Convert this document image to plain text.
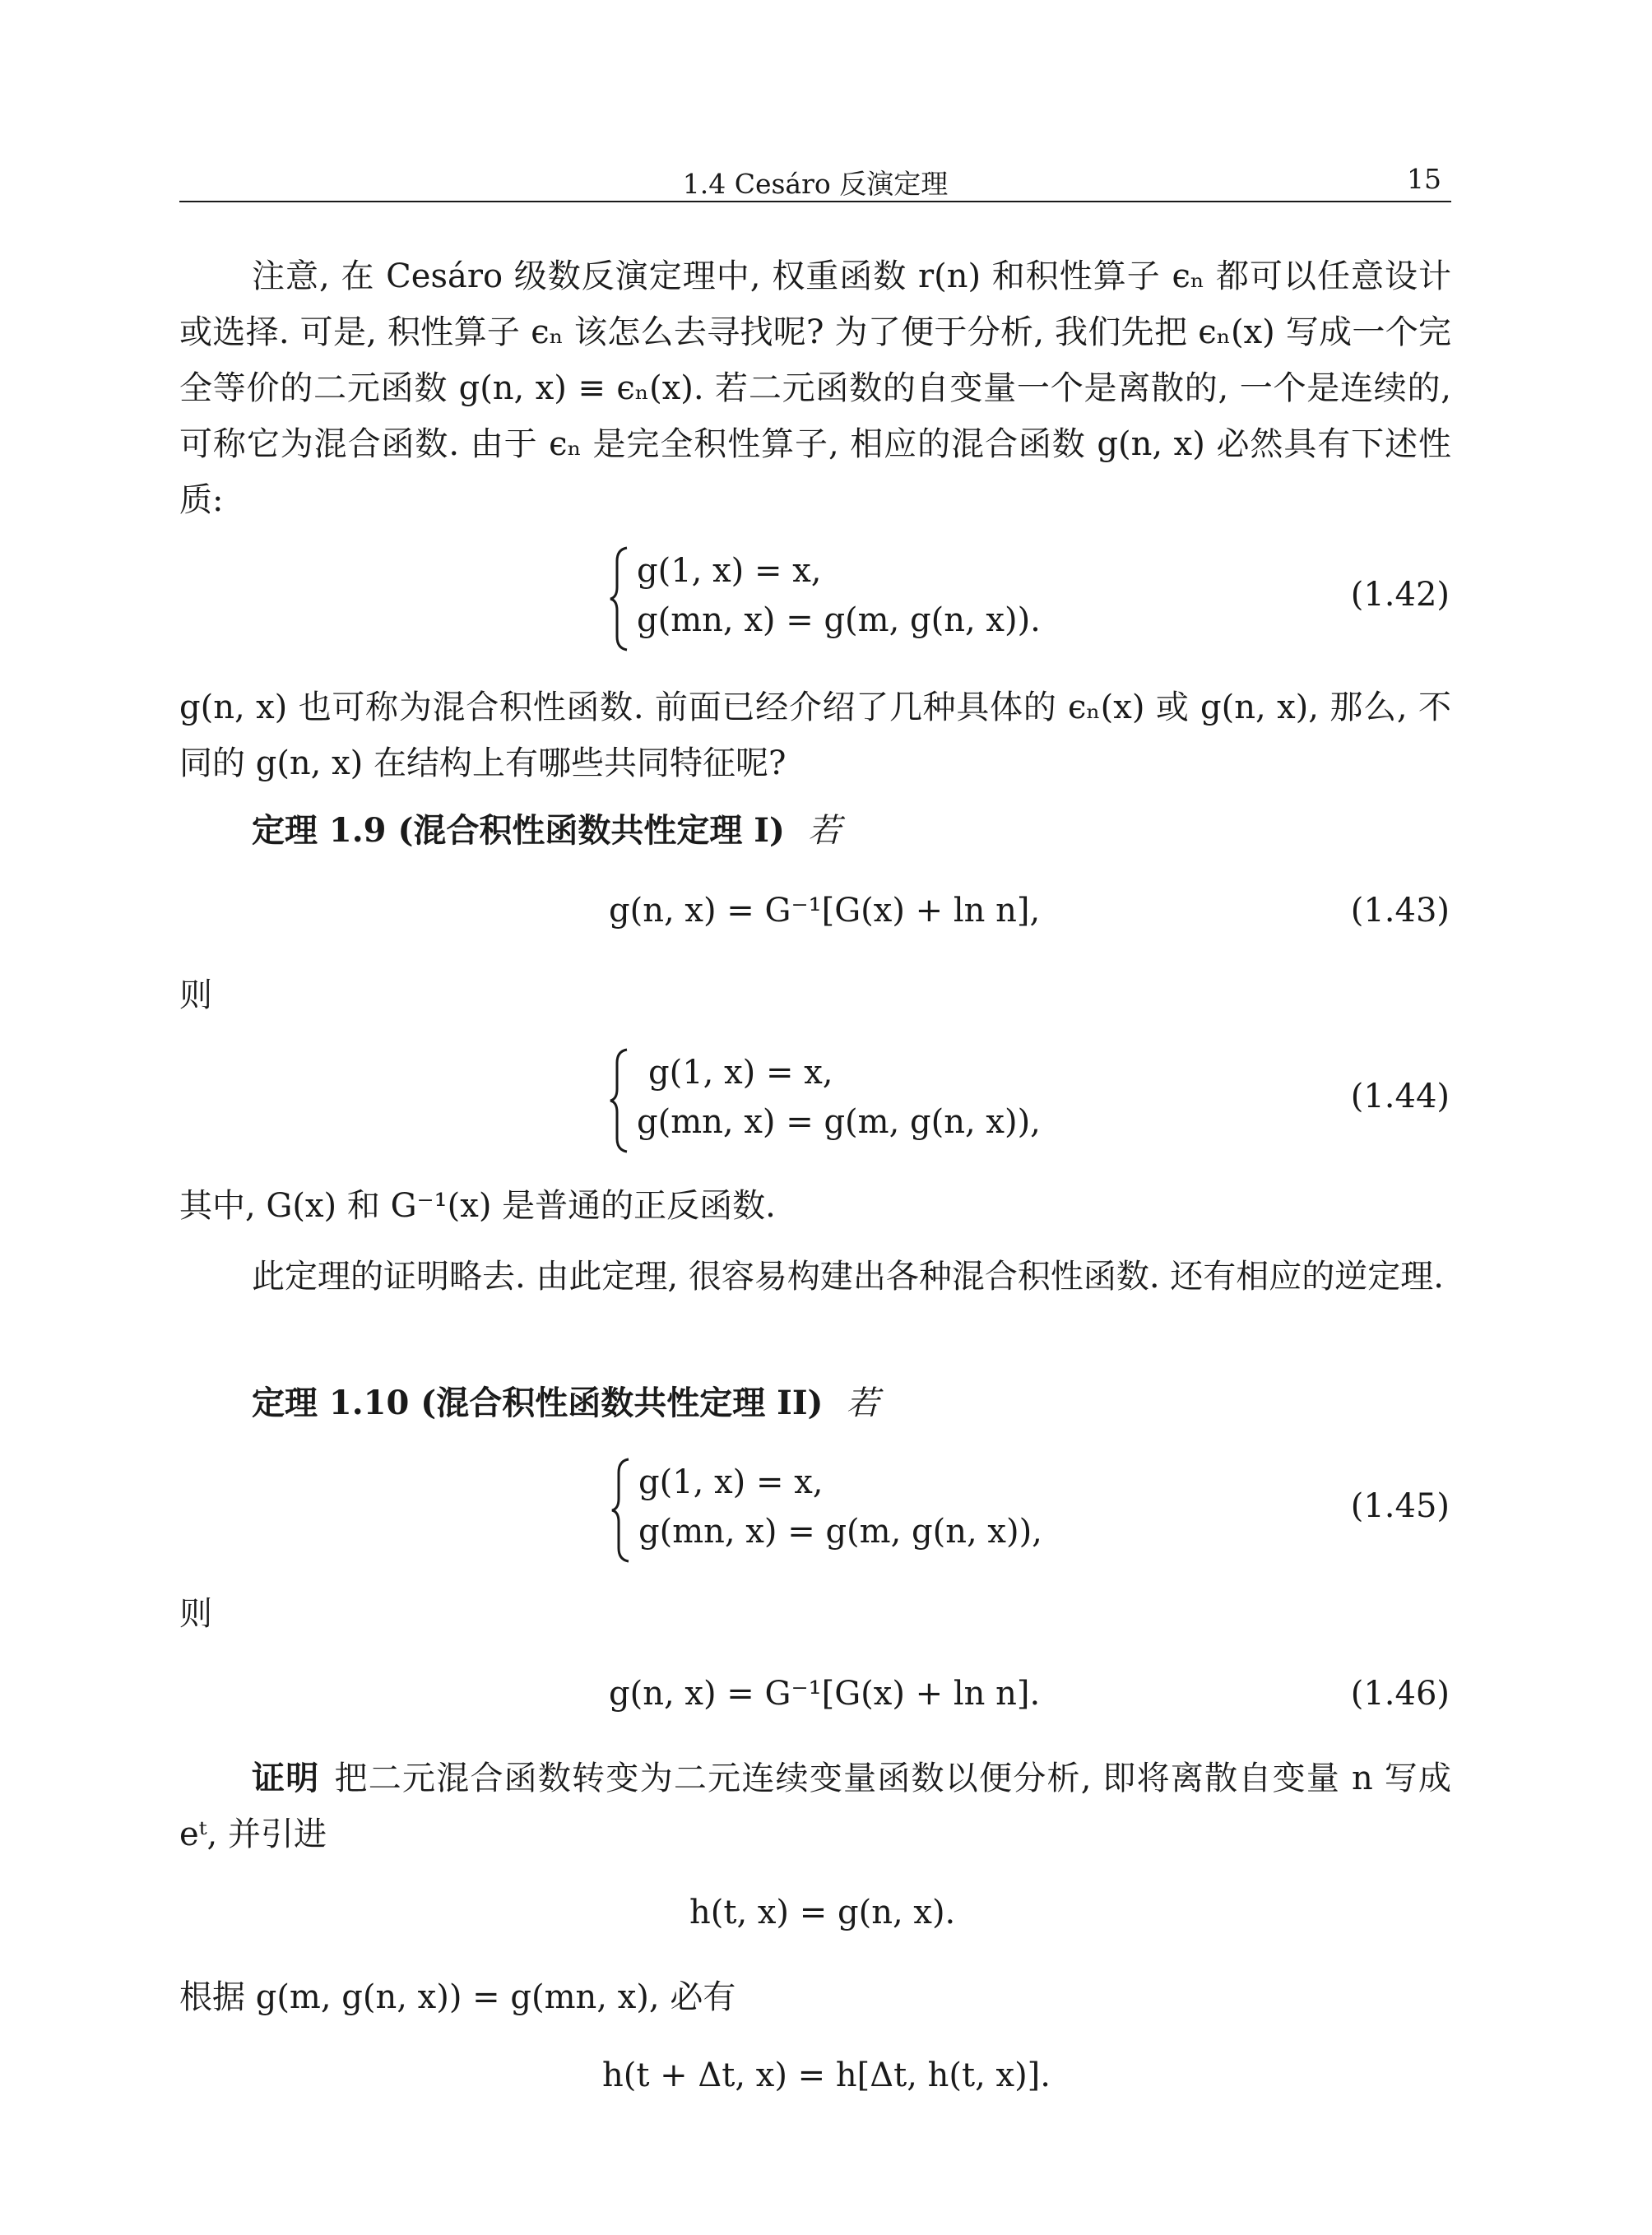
1.4 Cesáro 反演定理	15
注意, 在 Cesáro 级数反演定理中, 权重函数 r(n) 和积性算子 ϵₙ 都可以任意设计或选择. 可是, 积性算子 ϵₙ 该怎么去寻找呢? 为了便于分析, 我们先把 ϵₙ(x) 写成一个完全等价的二元函数 g(n, x) ≡ ϵₙ(x). 若二元函数的自变量一个是离散的, 一个是连续的, 可称它为混合函数. 由于 ϵₙ 是完全积性算子, 相应的混合函数 g(n, x) 必然具有下述性质:
g(1, x) = x,
g(mn, x) = g(m, g(n, x)).
(1.42)
g(n, x) 也可称为混合积性函数. 前面已经介绍了几种具体的 ϵₙ(x) 或 g(n, x), 那么, 不同的 g(n, x) 在结构上有哪些共同特征呢?
定理 1.9 (混合积性函数共性定理 I) 若
g(n, x) = G⁻¹[G(x) + ln n],	(1.43)
则
g(1, x) = x,
g(mn, x) = g(m, g(n, x)),
(1.44)
其中, G(x) 和 G⁻¹(x) 是普通的正反函数.
此定理的证明略去. 由此定理, 很容易构建出各种混合积性函数. 还有相应的逆定理.
定理 1.10 (混合积性函数共性定理 II) 若
g(1, x) = x,
g(mn, x) = g(m, g(n, x)),
(1.45)
则
g(n, x) = G⁻¹[G(x) + ln n].	(1.46)
证明 把二元混合函数转变为二元连续变量函数以便分析, 即将离散自变量 n 写成 eᵗ, 并引进
h(t, x) = g(n, x).
根据 g(m, g(n, x)) = g(mn, x), 必有
h(t + Δt, x) = h[Δt, h(t, x)].
